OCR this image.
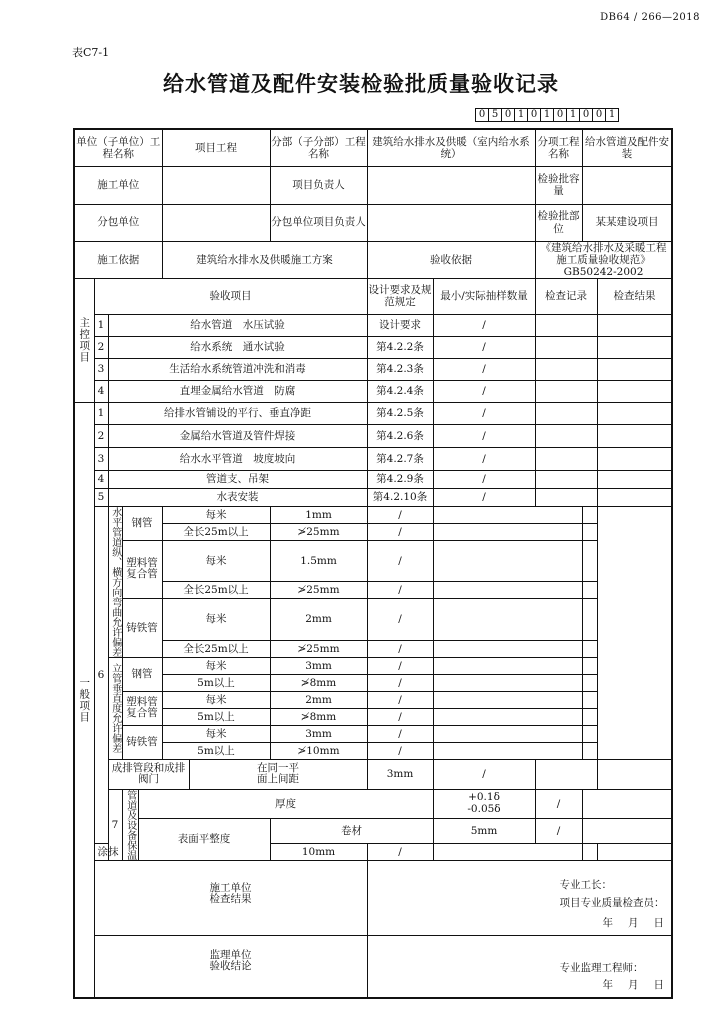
DB64 / 266—2018
表C7-1
给水管道及配件安装检验批质量验收记录
0 5 0 1 0 1 0 1 0 0 1
单位（子单位）工程名称					项目工程		分部（子分部）工程名称	建筑给水排水及供暖（室内给水系统）		分项工程名称	给水管道及配件安装		
施工单位							项目负责人			检验批容量			
分包单位							分包单位项目负责人			检验批部位	某某建设项目		
施工依据					建筑给水排水及供暖施工方案			验收依据		《建筑给水排水及采暖工程施工质量验收规范》GB50242-2002			

主控项目	验收项目							设计要求及规范规定	最小/实际抽样数量	检查记录		检查结果	
	1	给水管道　水压试验						设计要求	/				
	2	给水系统　通水试验						第4.2.2条	/				
	3	生活给水系统管道冲洗和消毒						第4.2.3条	/				
	4	直埋金属给水管道　防腐						第4.2.4条	/				

一般项目	1	给排水管铺设的平行、垂直净距						第4.2.5条	/				
	2	金属给水管道及管件焊接						第4.2.6条	/				
	3	给水水平管道　坡度坡向						第4.2.7条	/				
	4	管道支、吊架						第4.2.9条	/				
	5	水表安装						第4.2.10条	/				
	6	水平管道纵、横方向弯曲允许偏差	钢管		每米		1mm	/					
					全长25m以上		≯25mm	/					
			塑料管复合管		每米		1.5mm	/					
					全长25m以上		≯25mm	/					
			铸铁管		每米		2mm	/					
					全长25m以上		≯25mm	/					

		立管垂直度允许偏差	钢管		每米		3mm	/					
					5m以上		≯8mm	/					
			塑料管复合管		每米		2mm	/					
					5m以上		≯8mm	/					
			铸铁管		每米		3mm	/					
					5m以上		≯10mm	/					
		成排管段和成排阀门				在同一平面上间距		3mm	/				
		7	管道及设备保温	厚度					+0.1δ -0.05δ	/			
				表面平整度			卷材		5mm	/			
	涂抹						10mm	/					
	施工单位检查结果							专业工长：
项目专业质量检查员：
年 月 日					

	监理单位验收结论							专业监理工程师：
年 月 日					
